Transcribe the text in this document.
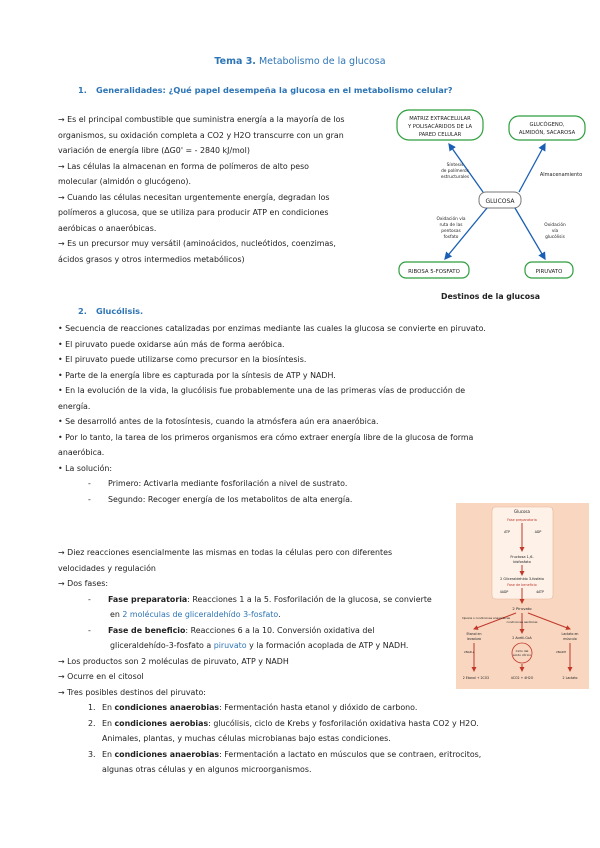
Tema 3. Metabolismo de la glucosa
1. Generalidades: ¿Qué papel desempeña la glucosa en el metabolismo celular?

→ Es el principal combustible que suministra energía a la mayoría de los

organismos, su oxidación completa a CO2 y H2O transcurre con un gran

variación de energía libre (ΔG0' = - 2840 kJ/mol)

→ Las células la almacenan en forma de polímeros de alto peso

molecular (almidón o glucógeno).

→ Cuando las células necesitan urgentemente energía, degradan los

polímeros a glucosa, que se utiliza para producir ATP en condiciones

aeróbicas o anaeróbicas.

→ Es un precursor muy versátil (aminoácidos, nucleótidos, coenzimas,

ácidos grasos y otros intermedios metabólicos)

MATRIZ EXTRACELULAR
Y POLISACÁRIDOS DE LA
PARED CELULAR
GLUCÓGENO,
ALMIDÓN, SACAROSA
GLUCOSA
RIBOSA 5-FOSFATO	PIRUVATO
Síntesis
de polímeros
estructurales	Almacenamiento
Oxidación vía
ruta de las
pentosas
fosfato
Oxidación
vía
glucólisis
Destinos de la glucosa
2. Glucólisis.

• Secuencia de reacciones catalizadas por enzimas mediante las cuales la glucosa se convierte en piruvato.

• El piruvato puede oxidarse aún más de forma aeróbica.

• El piruvato puede utilizarse como precursor en la biosíntesis.

• Parte de la energía libre es capturada por la síntesis de ATP y NADH.

• En la evolución de la vida, la glucólisis fue probablemente una de las primeras vías de producción de

energía.

• Se desarrolló antes de la fotosíntesis, cuando la atmósfera aún era anaeróbica.

• Por lo tanto, la tarea de los primeros organismos era cómo extraer energía libre de la glucosa de forma

anaeróbica.

• La solución:

- Primero: Activarla mediante fosforilación a nivel de sustrato.

- Segundo: Recoger energía de los metabolitos de alta energía.

→ Diez reacciones esencialmente las mismas en todas la células pero con diferentes

velocidades y regulación

→ Dos fases:

- Fase preparatoria: Reacciones 1 a la 5. Fosforilación de la glucosa, se convierte

en 2 moléculas de gliceraldehído 3-fosfato.

- Fase de beneficio: Reacciones 6 a la 10. Conversión oxidativa del

gliceraldehído-3-fosfato a piruvato y la formación acoplada de ATP y NADH.

→ Los productos son 2 moléculas de piruvato, ATP y NADH

→ Ocurre en el citosol

→ Tres posibles destinos del piruvato:

1. En condiciones anaerobias: Fermentación hasta etanol y dióxido de carbono.

2. En condiciones aerobias: glucólisis, ciclo de Krebs y fosforilación oxidativa hasta CO2 y H2O.

Animales, plantas, y muchas células microbianas bajo estas condiciones.

3. En condiciones anaerobias: Fermentación a lactato en músculos que se contraen, eritrocitos,

algunas otras células y en algunos microorganismos.

Glucosa
Fase preparatoria
ATP	ADP
Fructosa 1,6-
bisfosfato
2 Gliceraldehído 3-fosfato
Fase de beneficio
4ADP	4ATP
2 Piruvato
hipoxia o condiciones anaeróbicas
condiciones aeróbicas
Etanol en
levadura
Lactato en
músculo
2 Acetil-CoA
Ciclo del
ácido cítrico
2NAD+	2NADH
2 Etanol + 2CO2	4CO2 + 4H2O	2 Lactato
